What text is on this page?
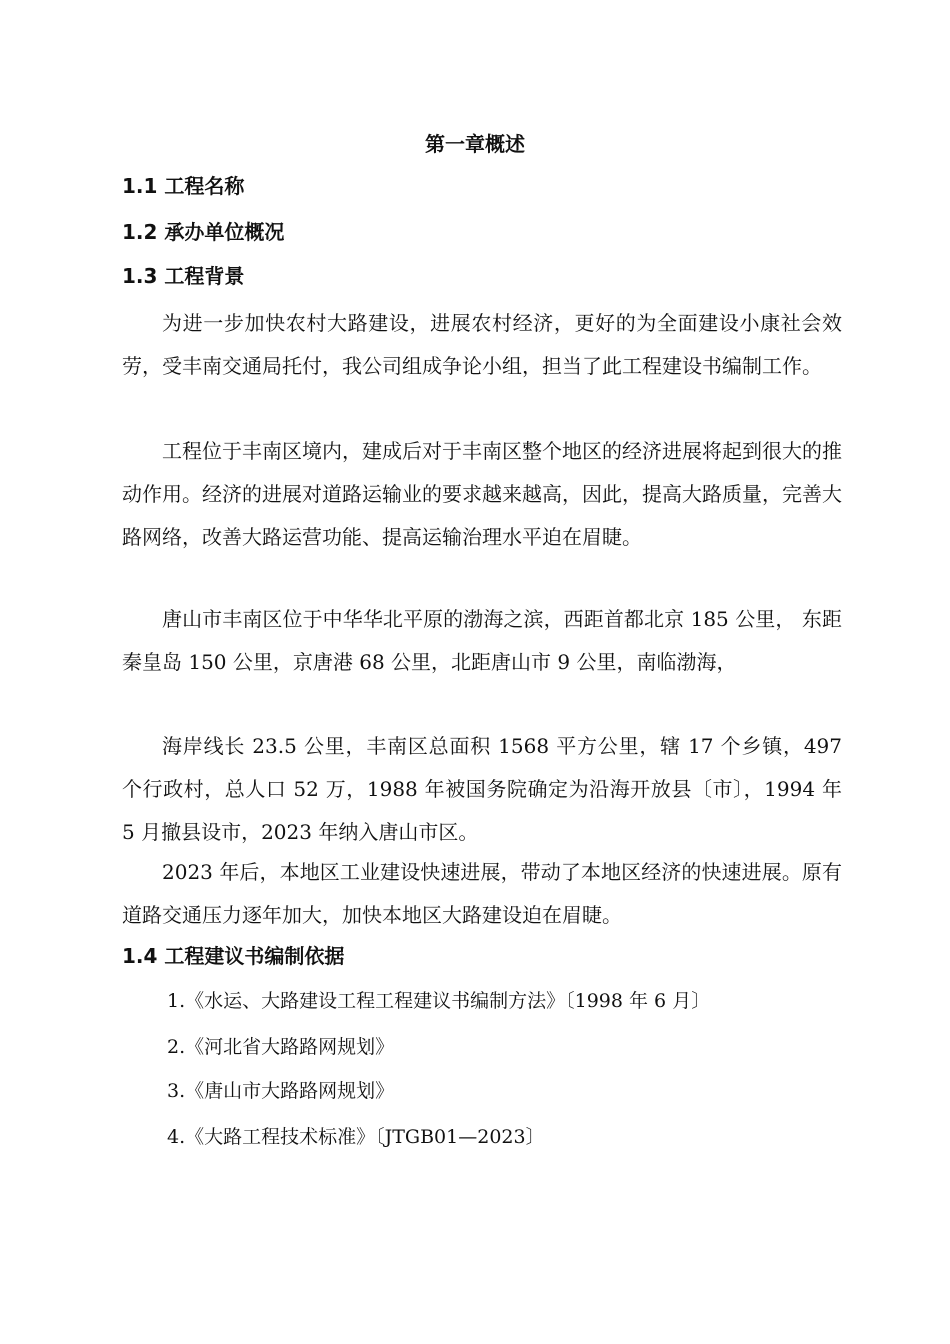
第一章概述
1.1 工程名称
1.2 承办单位概况
1.3 工程背景

为进一步加快农村大路建设，进展农村经济，更好的为全面建设小康社会效劳，受丰南交通局托付，我公司组成争论小组，担当了此工程建设书编制工作。

工程位于丰南区境内，建成后对于丰南区整个地区的经济进展将起到很大的推动作用。经济的进展对道路运输业的要求越来越高，因此，提高大路质量，完善大路网络，改善大路运营功能、提高运输治理水平迫在眉睫。

唐山市丰南区位于中华华北平原的渤海之滨，西距首都北京 185 公里， 东距秦皇岛 150 公里，京唐港 68 公里，北距唐山市 9 公里，南临渤海，

海岸线长 23.5 公里，丰南区总面积 1568 平方公里，辖 17 个乡镇，497 个行政村，总人口 52 万，1988 年被国务院确定为沿海开放县〔市〕，1994 年 5 月撤县设市，2023 年纳入唐山市区。

2023 年后，本地区工业建设快速进展，带动了本地区经济的快速进展。原有道路交通压力逐年加大，加快本地区大路建设迫在眉睫。

1.4 工程建议书编制依据

1.《水运、大路建设工程工程建议书编制方法》〔1998 年 6 月〕

2.《河北省大路路网规划》

3.《唐山市大路路网规划》

4.《大路工程技术标准》〔JTGB01—2023〕
